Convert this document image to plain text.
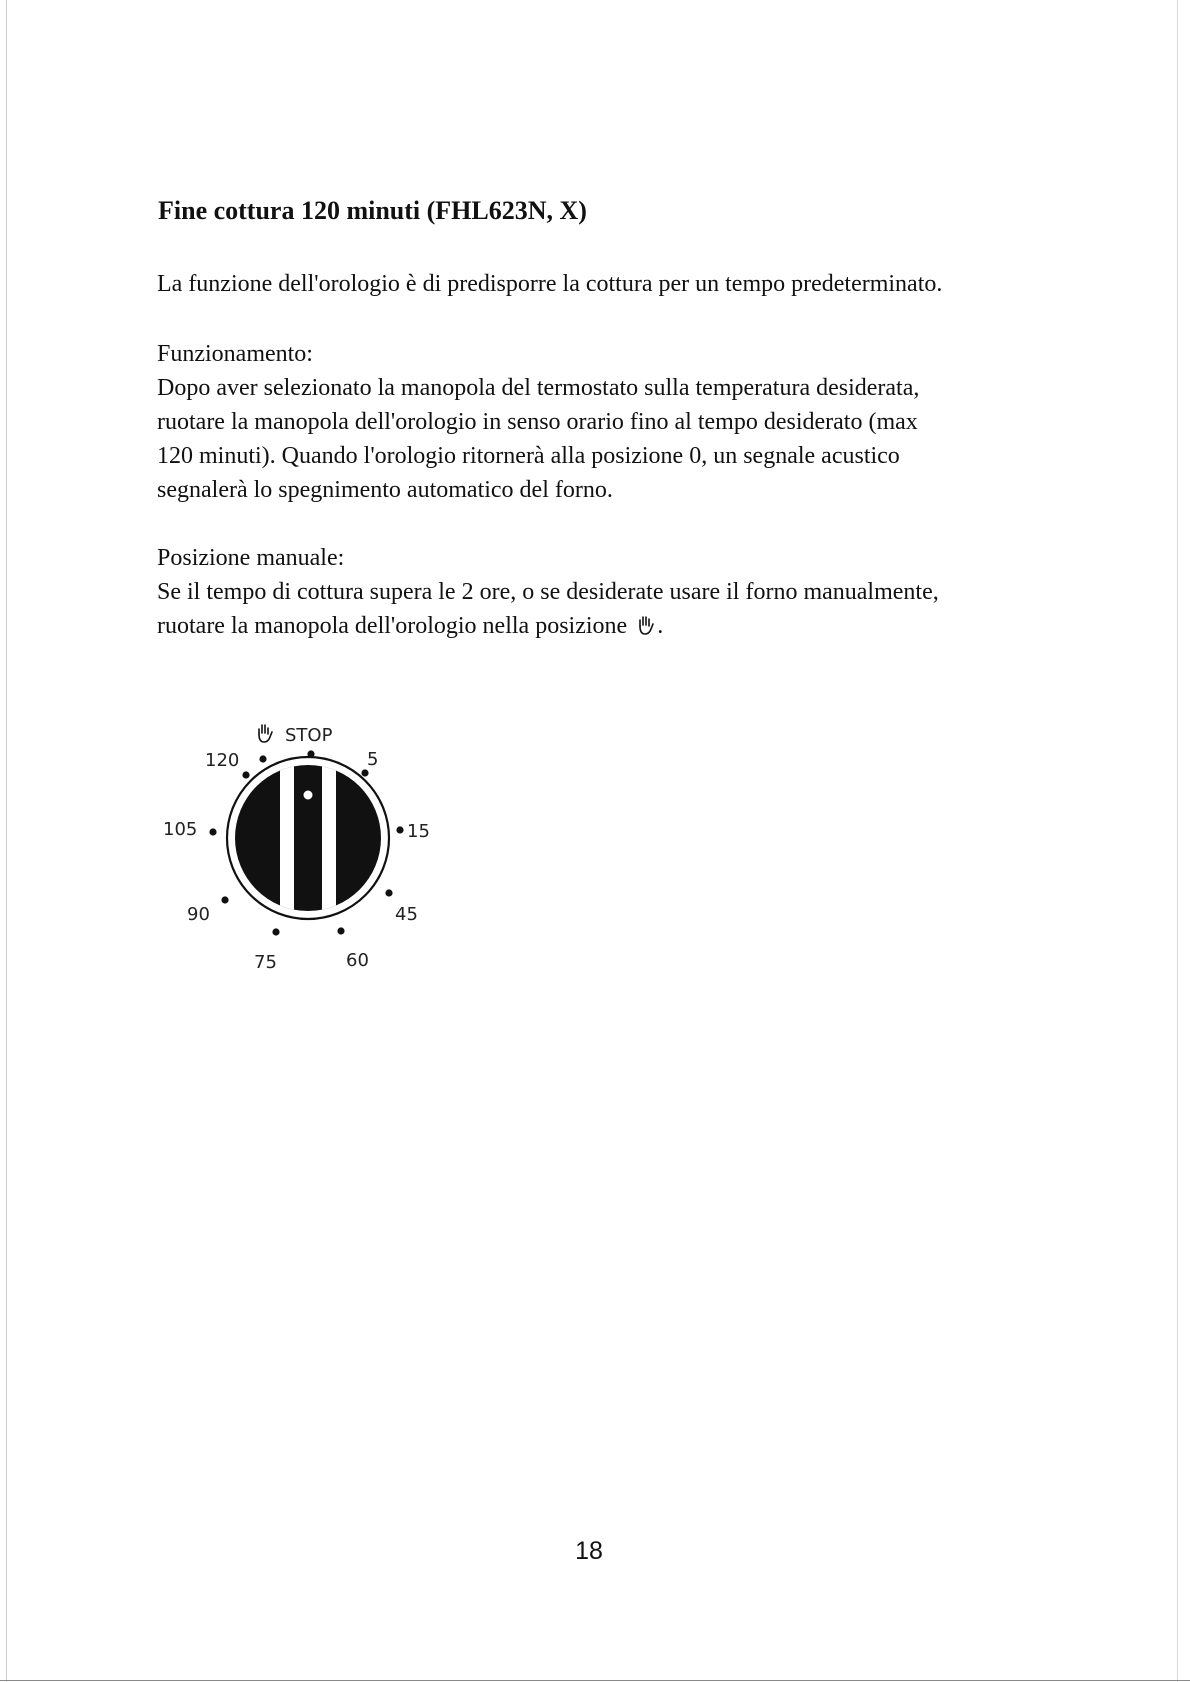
Fine cottura 120 minuti (FHL623N, X)

La funzione dell'orologio è di predisporre la cottura per un tempo predeterminato.

Funzionamento:

Dopo aver selezionato la manopola del termostato sulla temperatura desiderata,
ruotare la manopola dell'orologio in senso orario fino al tempo desiderato (max
120 minuti). Quando l'orologio ritornerà alla posizione 0, un segnale acustico
segnalerà lo spegnimento automatico del forno.

Posizione manuale:

Se il tempo di cottura supera le 2 ore, o se desiderate usare il forno manualmente,
ruotare la manopola dell'orologio nella posizione .

STOP
5
15
45
60
75
90
105
120

18
